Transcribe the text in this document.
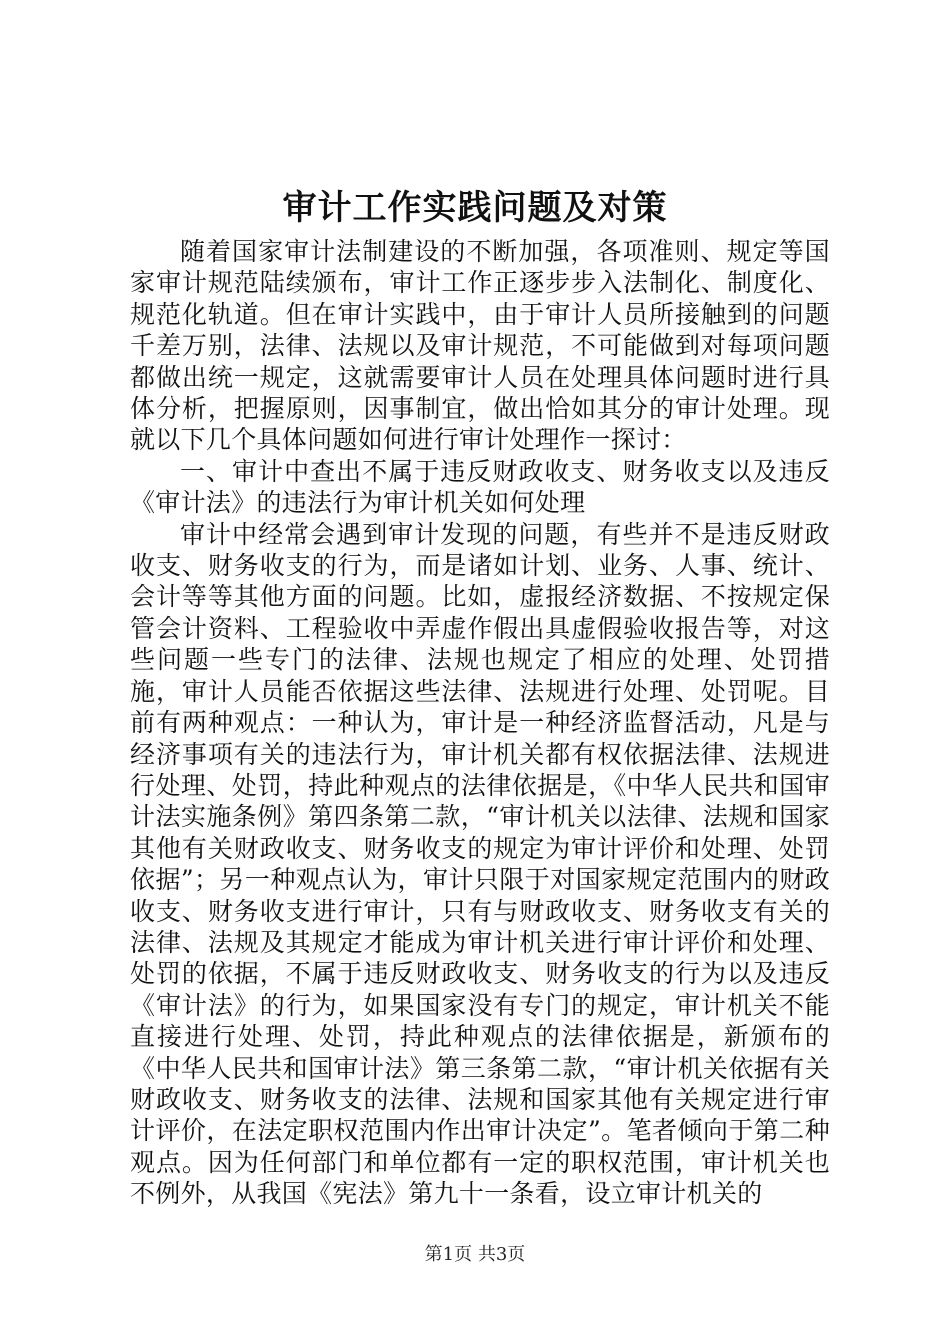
审计工作实践问题及对策

随着国家审计法制建设的不断加强，各项准则、规定等国家审计规范陆续颁布，审计工作正逐步步入法制化、制度化、规范化轨道。但在审计实践中，由于审计人员所接触到的问题千差万别，法律、法规以及审计规范，不可能做到对每项问题都做出统一规定，这就需要审计人员在处理具体问题时进行具体分析，把握原则，因事制宜，做出恰如其分的审计处理。现就以下几个具体问题如何进行审计处理作一探讨：

一、审计中查出不属于违反财政收支、财务收支以及违反《审计法》的违法行为审计机关如何处理

审计中经常会遇到审计发现的问题，有些并不是违反财政收支、财务收支的行为，而是诸如计划、业务、人事、统计、会计等等其他方面的问题。比如，虚报经济数据、不按规定保管会计资料、工程验收中弄虚作假出具虚假验收报告等，对这些问题一些专门的法律、法规也规定了相应的处理、处罚措施，审计人员能否依据这些法律、法规进行处理、处罚呢。目前有两种观点：一种认为，审计是一种经济监督活动，凡是与经济事项有关的违法行为，审计机关都有权依据法律、法规进行处理、处罚，持此种观点的法律依据是，《中华人民共和国审计法实施条例》第四条第二款，“审计机关以法律、法规和国家其他有关财政收支、财务收支的规定为审计评价和处理、处罚依据”；另一种观点认为，审计只限于对国家规定范围内的财政收支、财务收支进行审计，只有与财政收支、财务收支有关的法律、法规及其规定才能成为审计机关进行审计评价和处理、处罚的依据，不属于违反财政收支、财务收支的行为以及违反《审计法》的行为，如果国家没有专门的规定，审计机关不能直接进行处理、处罚，持此种观点的法律依据是，新颁布的《中华人民共和国审计法》第三条第二款，“审计机关依据有关财政收支、财务收支的法律、法规和国家其他有关规定进行审计评价，在法定职权范围内作出审计决定”。笔者倾向于第二种观点。因为任何部门和单位都有一定的职权范围，审计机关也不例外，从我国《宪法》第九十一条看，设立审计机关的

第1页 共3页
